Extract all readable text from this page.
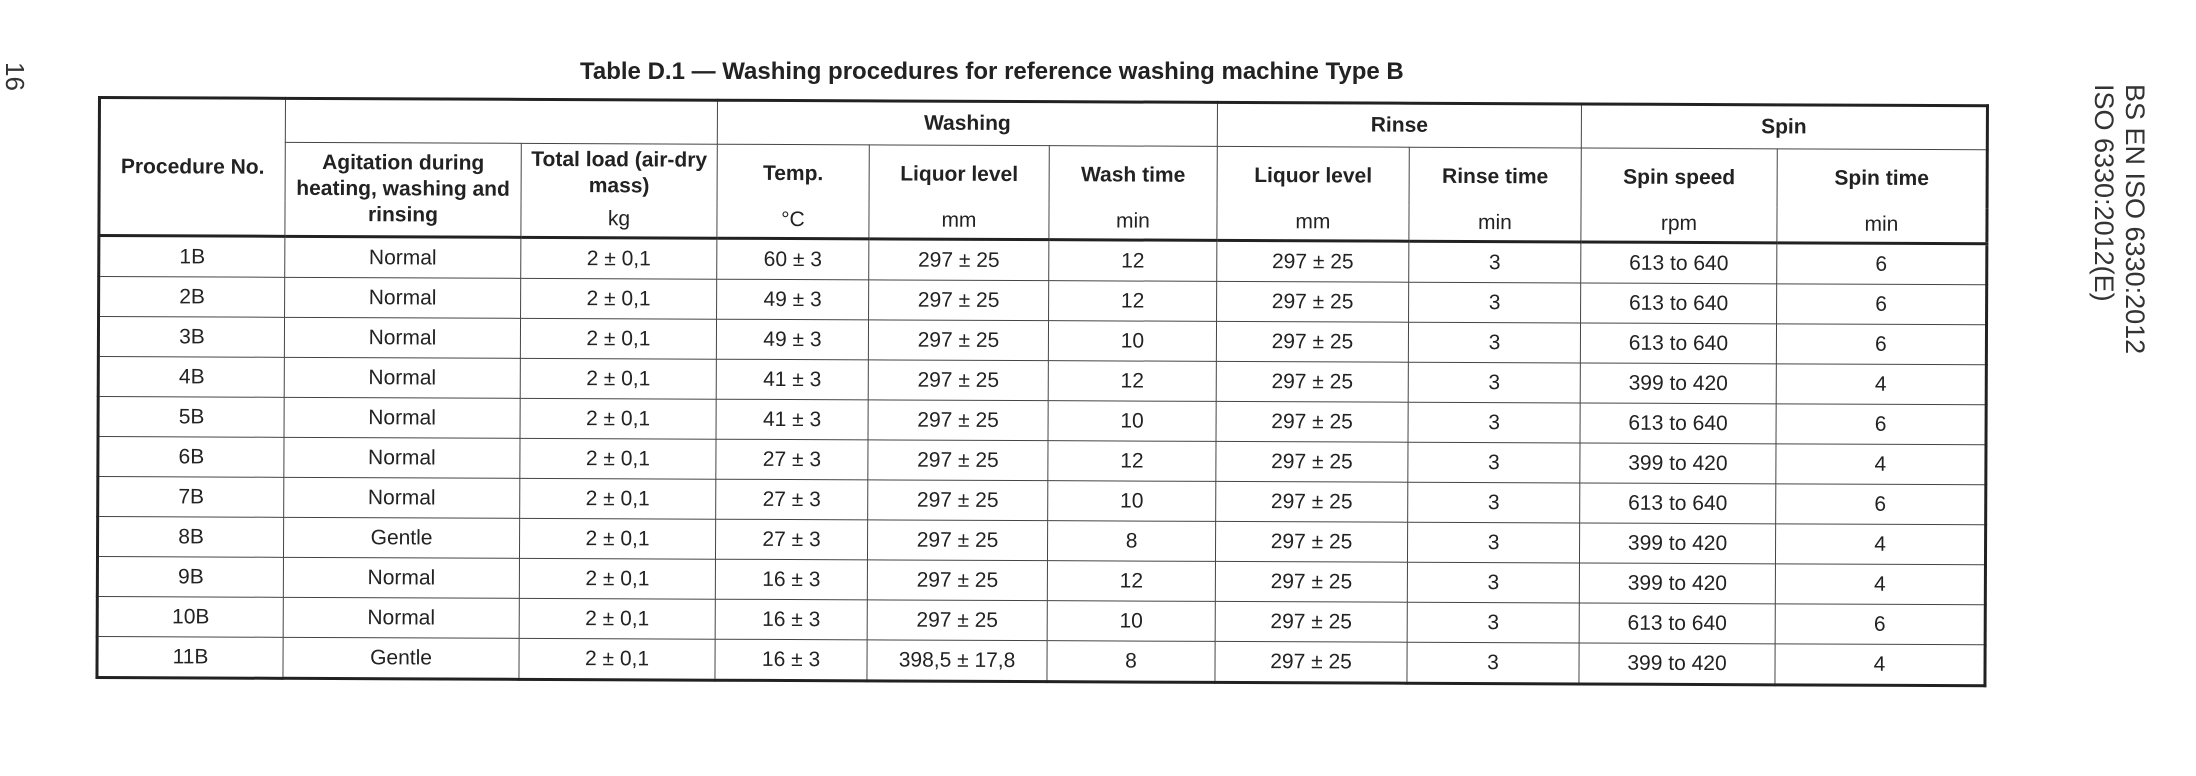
16
BS EN ISO 6330:2012
ISO 6330:2012(E)
Table D.1 — Washing procedures for reference washing machine Type B
Procedure No.			Washing			Rinse		Spin	
	Agitation during heating, washing and rinsing	Total load (air-dry mass)	Temp.	Liquor level	Wash time	Liquor level	Rinse time	Spin speed	Spin time
		kg	°C	mm	min	mm	min	rpm	min
1B	Normal	2 ± 0,1	60 ± 3	297 ± 25	12	297 ± 25	3	613 to 640	6
2B	Normal	2 ± 0,1	49 ± 3	297 ± 25	12	297 ± 25	3	613 to 640	6
3B	Normal	2 ± 0,1	49 ± 3	297 ± 25	10	297 ± 25	3	613 to 640	6
4B	Normal	2 ± 0,1	41 ± 3	297 ± 25	12	297 ± 25	3	399 to 420	4
5B	Normal	2 ± 0,1	41 ± 3	297 ± 25	10	297 ± 25	3	613 to 640	6
6B	Normal	2 ± 0,1	27 ± 3	297 ± 25	12	297 ± 25	3	399 to 420	4
7B	Normal	2 ± 0,1	27 ± 3	297 ± 25	10	297 ± 25	3	613 to 640	6
8B	Gentle	2 ± 0,1	27 ± 3	297 ± 25	8	297 ± 25	3	399 to 420	4
9B	Normal	2 ± 0,1	16 ± 3	297 ± 25	12	297 ± 25	3	399 to 420	4
10B	Normal	2 ± 0,1	16 ± 3	297 ± 25	10	297 ± 25	3	613 to 640	6
11B	Gentle	2 ± 0,1	16 ± 3	398,5 ± 17,8	8	297 ± 25	3	399 to 420	4
